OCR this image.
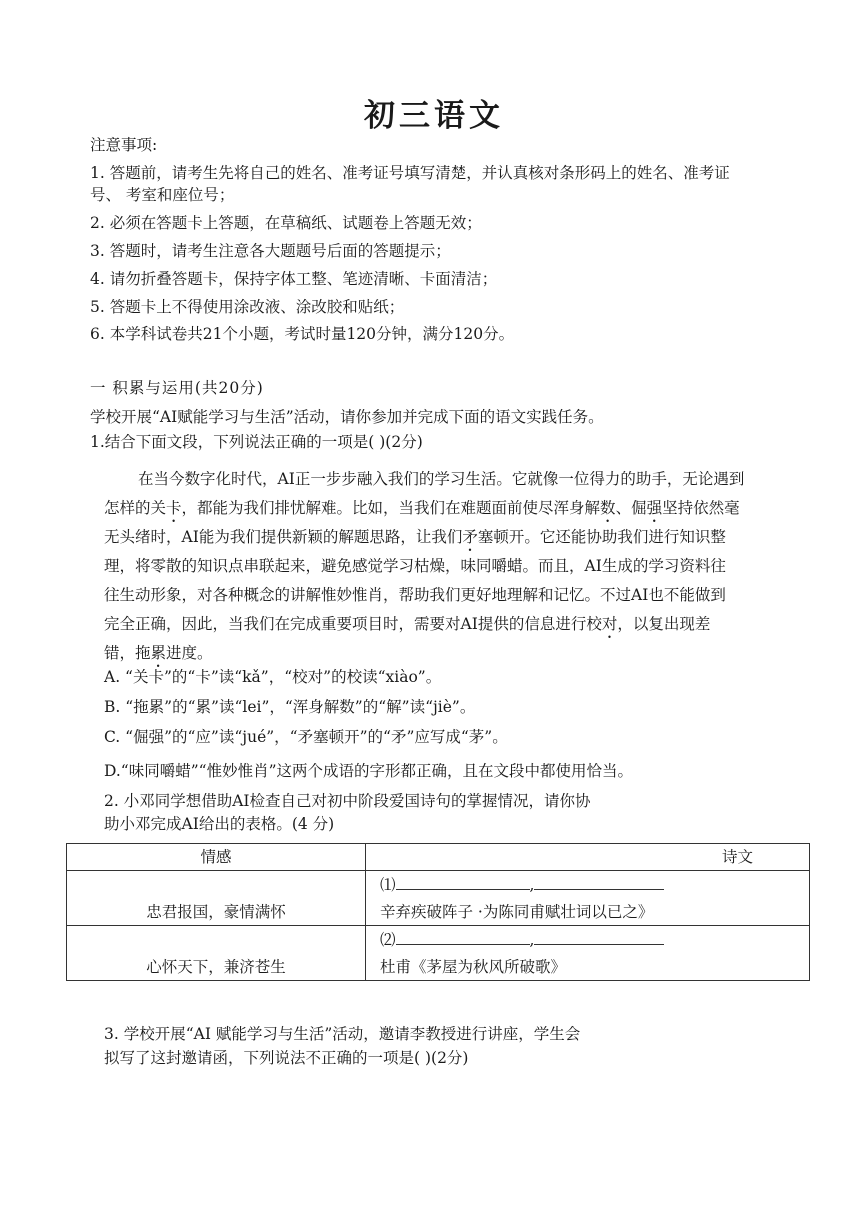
初三语文
注意事项:
1. 答题前，请考生先将自己的姓名、准考证号填写清楚，并认真核对条形码上的姓名、准考证
号、 考室和座位号；
2. 必须在答题卡上答题，在草稿纸、试题卷上答题无效；
3. 答题时，请考生注意各大题题号后面的答题提示；
4. 请勿折叠答题卡，保持字体工整、笔迹清晰、卡面清洁；
5. 答题卡上不得使用涂改液、涂改胶和贴纸；
6. 本学科试卷共21个小题，考试时量120分钟，满分120分。
一 积累与运用(共20分)
学校开展“AI赋能学习与生活”活动，请你参加并完成下面的语文实践任务。
1.结合下面文段，下列说法正确的一项是( )(2分)
在当今数字化时代，AI正一步步融入我们的学习生活。它就像一位得力的助手，无论遇到
怎样的关卡，都能为我们排忧解难。比如，当我们在难题面前使尽浑身解数、倔强坚持依然毫
无头绪时，AI能为我们提供新颖的解题思路，让我们矛塞顿开。它还能协助我们进行知识整
理，将零散的知识点串联起来，避免感觉学习枯燥，味同嚼蜡。而且，AI生成的学习资料往
往生动形象，对各种概念的讲解惟妙惟肖，帮助我们更好地理解和记忆。不过AI也不能做到
完全正确，因此，当我们在完成重要项目时，需要对AI提供的信息进行校对，以复出现差
错，拖累进度。
A. “关卡”的“卡”读“kǎ”，“校对”的校读“xiào”。
B. “拖累”的“累”读“lei”，“浑身解数”的“解”读“jiè”。
C. “倔强”的“应”读“jué”，“矛塞顿开”的“矛”应写成“茅”。
D.“味同嚼蜡”“惟妙惟肖”这两个成语的字形都正确，且在文段中都使用恰当。
2. 小邓同学想借助AI检查自己对初中阶段爱国诗句的掌握情况，请你协
助小邓完成AI给出的表格。(4 分)
情感	诗文
忠君报国，豪情满怀	⑴ ,
辛弃疾破阵子 ·为陈同甫赋壮词以已之》

心怀天下，兼济苍生	⑵ ,
杜甫《茅屋为秋风所破歌》
3. 学校开展“AI 赋能学习与生活”活动，邀请李教授进行讲座，学生会
拟写了这封邀请函，下列说法不正确的一项是( )(2分)
